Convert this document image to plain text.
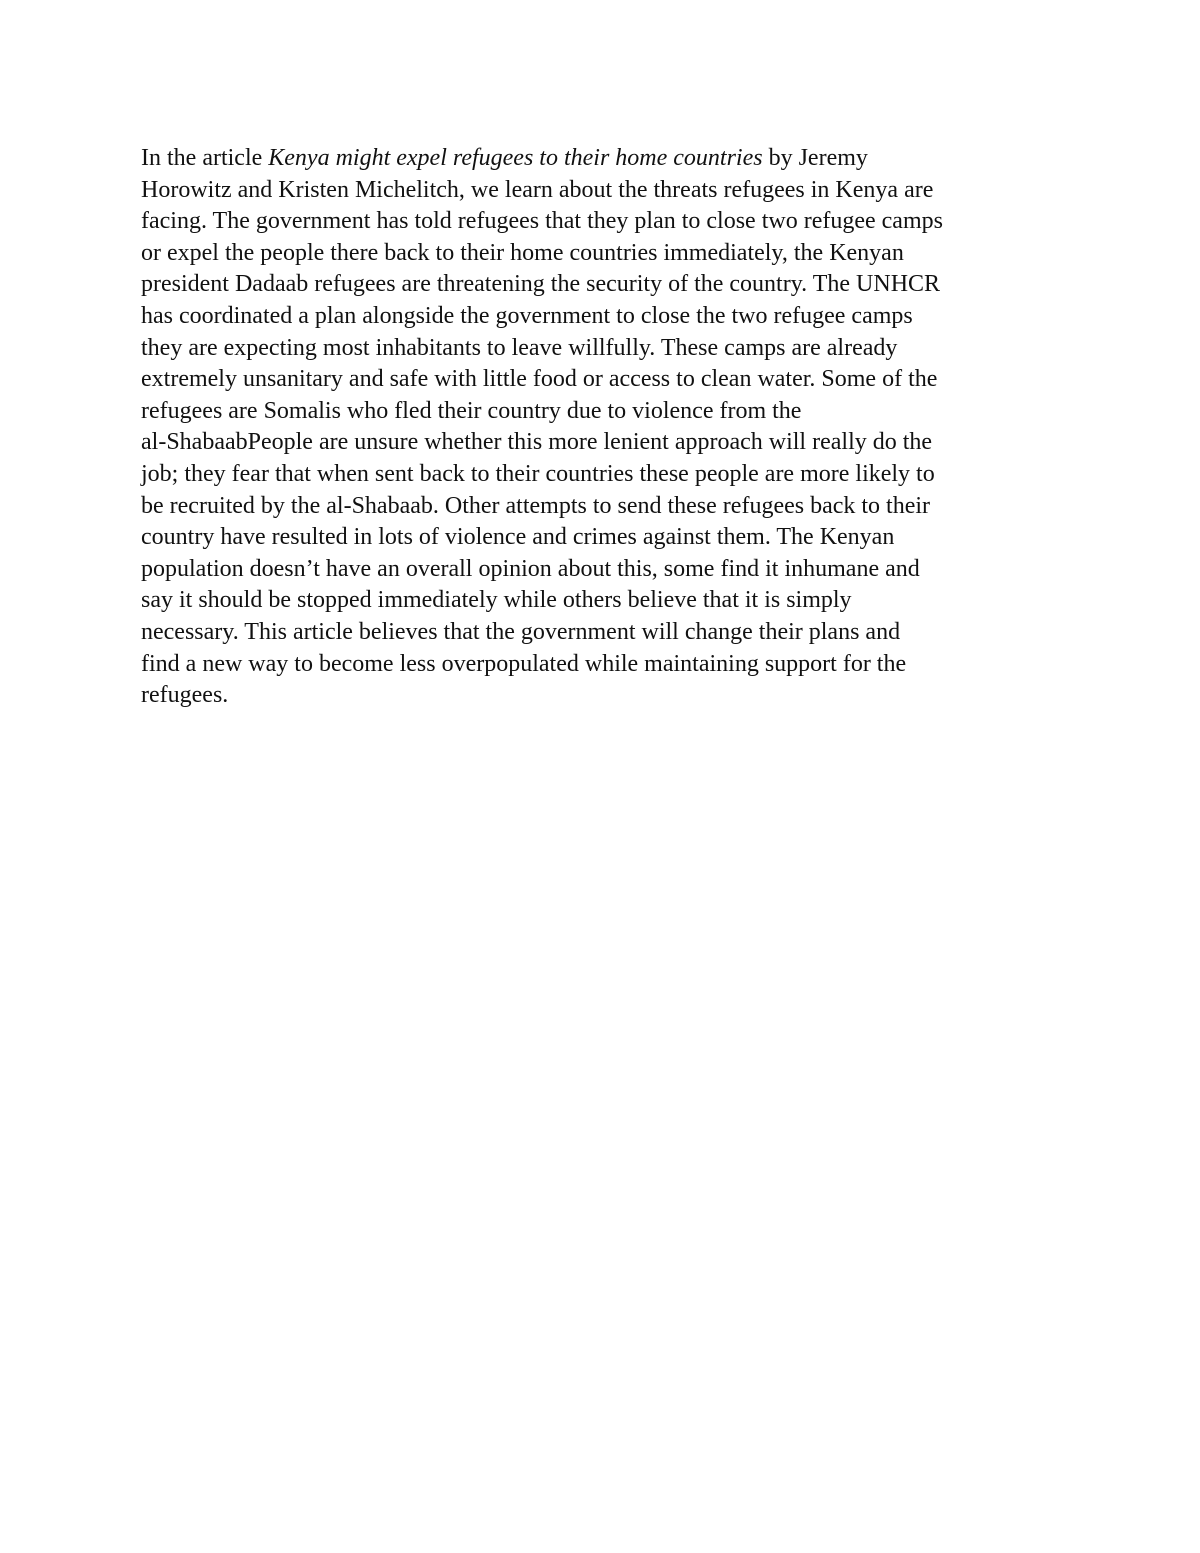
In the article Kenya might expel refugees to their home countries by Jeremy
Horowitz and Kristen Michelitch, we learn about the threats refugees in Kenya are
facing. The government has told refugees that they plan to close two refugee camps
or expel the people there back to their home countries immediately, the Kenyan
president Dadaab refugees are threatening the security of the country. The UNHCR
has coordinated a plan alongside the government to close the two refugee camps
they are expecting most inhabitants to leave willfully. These camps are already
extremely unsanitary and safe with little food or access to clean water. Some of the
refugees are Somalis who fled their country due to violence from the
al-ShabaabPeople are unsure whether this more lenient approach will really do the
job; they fear that when sent back to their countries these people are more likely to
be recruited by the al-Shabaab. Other attempts to send these refugees back to their
country have resulted in lots of violence and crimes against them. The Kenyan
population doesn’t have an overall opinion about this, some find it inhumane and
say it should be stopped immediately while others believe that it is simply
necessary. This article believes that the government will change their plans and
find a new way to become less overpopulated while maintaining support for the
refugees.
